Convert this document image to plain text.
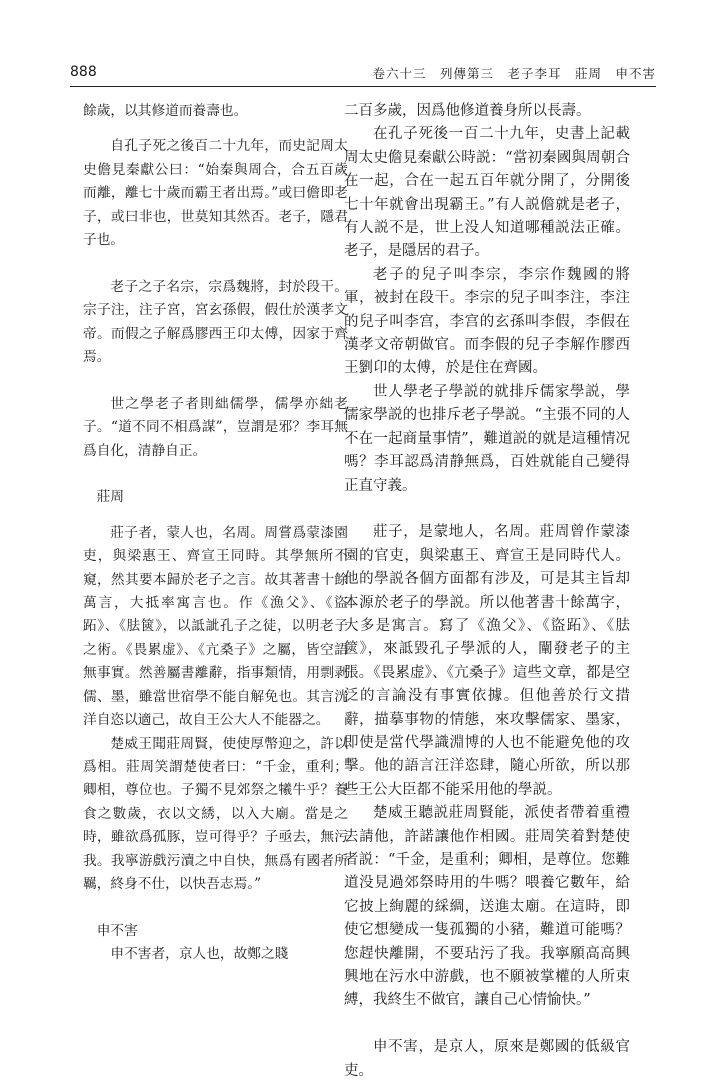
888	卷六十三　列傳第三　老子李耳　莊周　申不害

餘歲，以其修道而養壽也。

自孔子死之後百二十九年，而史記周太史儋見秦獻公曰：“始秦與周合，合五百歲而離，離七十歲而霸王者出焉。”或曰儋即老子，或曰非也，世莫知其然否。老子，隱君子也。

老子之子名宗，宗爲魏將，封於段干。宗子注，注子宮，宮玄孫假，假仕於漢孝文帝。而假之子解爲膠西王卬太傅，因家于齊焉。

世之學老子者則絀儒學，儒學亦絀老子。“道不同不相爲謀”，豈謂是邪？李耳無爲自化，清静自正。

莊周

莊子者，蒙人也，名周。周嘗爲蒙漆園吏，與梁惠王、齊宣王同時。其學無所不窺，然其要本歸於老子之言。故其著書十餘萬言，大抵率寓言也。作《漁父》、《盜跖》、《胠篋》，以詆訿孔子之徒，以明老子之術。《畏累虚》、《亢桑子》之屬，皆空語無事實。然善屬書離辭，指事類情，用剽剥儒、墨，雖當世宿學不能自解免也。其言洸洋自恣以適己，故自王公大人不能器之。

楚威王聞莊周賢，使使厚幣迎之，許以爲相。莊周笑謂楚使者曰：“千金，重利；卿相，尊位也。子獨不見郊祭之犧牛乎？養食之數歲，衣以文綉，以入大廟。當是之時，雖欲爲孤豚，豈可得乎？子亟去，無污我。我寧游戲污瀆之中自快，無爲有國者所羈，終身不仕，以快吾志焉。”

申不害

申不害者，京人也，故鄭之賤

二百多歲，因爲他修道養身所以長壽。

在孔子死後一百二十九年，史書上記載周太史儋見秦獻公時説：“當初秦國與周朝合在一起，合在一起五百年就分開了，分開後七十年就會出現霸王。”有人説儋就是老子，有人説不是，世上没人知道哪種説法正確。老子，是隱居的君子。

老子的兒子叫李宗，李宗作魏國的將軍，被封在段干。李宗的兒子叫李注，李注的兒子叫李宫，李宫的玄孫叫李假，李假在漢孝文帝朝做官。而李假的兒子李解作膠西王劉卬的太傅，於是住在齊國。

世人學老子學説的就排斥儒家學説，學儒家學説的也排斥老子學説。“主張不同的人不在一起商量事情”，難道説的就是這種情况嗎？李耳認爲清静無爲，百姓就能自己變得正直守義。

莊子，是蒙地人，名周。莊周曾作蒙漆園的官吏，與梁惠王、齊宣王是同時代人。他的學説各個方面都有涉及，可是其主旨却本源於老子的學説。所以他著書十餘萬字，大多是寓言。寫了《漁父》、《盜跖》、《胠篋》，來詆毀孔子學派的人，闡發老子的主張。《畏累虚》、《亢桑子》這些文章，都是空泛的言論没有事實依據。但他善於行文措辭，描摹事物的情態，來攻擊儒家、墨家，即使是當代學識淵博的人也不能避免他的攻擊。他的語言汪洋恣肆，隨心所欲，所以那些王公大臣都不能采用他的學説。

楚威王聽説莊周賢能，派使者帶着重禮去請他，許諾讓他作相國。莊周笑着對楚使者説：“千金，是重利；卿相，是尊位。您難道没見過郊祭時用的牛嗎？喂養它數年，給它披上絢麗的綵綢，送進太廟。在這時，即使它想變成一隻孤獨的小豬，難道可能嗎？您趕快離開，不要玷污了我。我寧願高高興興地在污水中游戲，也不願被掌權的人所束縛，我終生不做官，讓自己心情愉快。”

申不害，是京人，原來是鄭國的低級官吏。
